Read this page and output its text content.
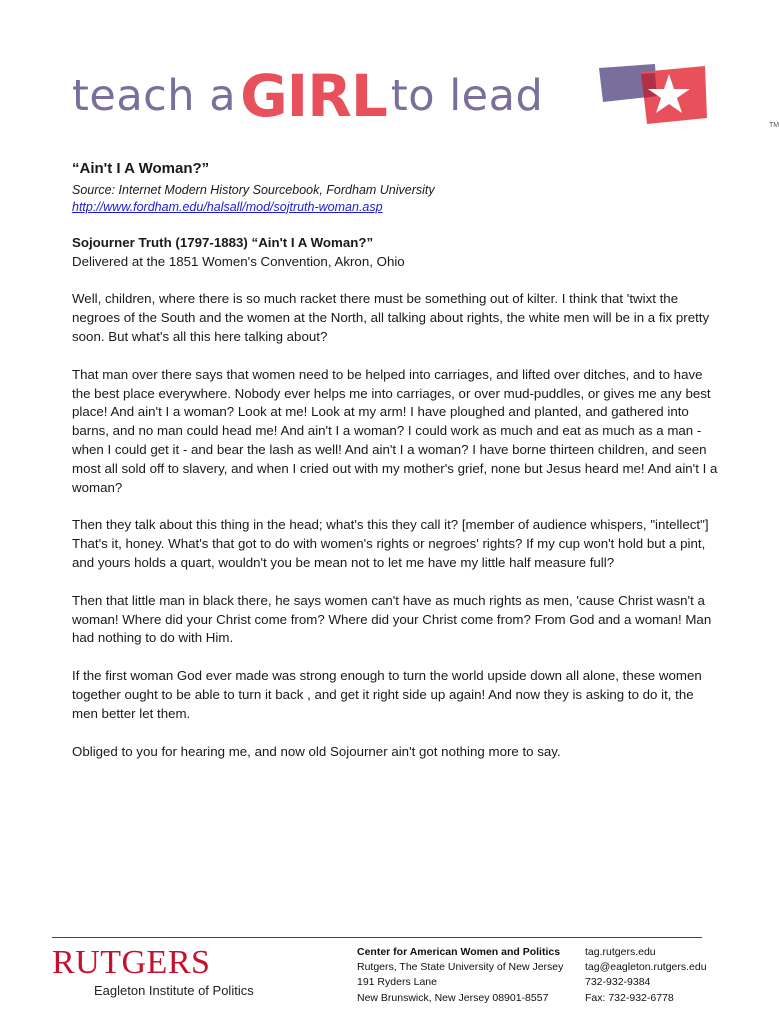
teach aGIRLto lead
TM

“Ain't I A Woman?”

Source: Internet Modern History Sourcebook, Fordham University

http://www.fordham.edu/halsall/mod/sojtruth-woman.asp

Sojourner Truth (1797-1883) “Ain't I A Woman?”

Delivered at the 1851 Women's Convention, Akron, Ohio

Well, children, where there is so much racket there must be something out of kilter. I think that 'twixt the negroes of the South and the women at the North, all talking about rights, the white men will be in a fix pretty soon. But what's all this here talking about?

That man over there says that women need to be helped into carriages, and lifted over ditches, and to have the best place everywhere. Nobody ever helps me into carriages, or over mud-puddles, or gives me any best place! And ain't I a woman? Look at me! Look at my arm! I have ploughed and planted, and gathered into barns, and no man could head me! And ain't I a woman? I could work as much and eat as much as a man - when I could get it - and bear the lash as well! And ain't I a woman? I have borne thirteen children, and seen most all sold off to slavery, and when I cried out with my mother's grief, none but Jesus heard me! And ain't I a woman?

Then they talk about this thing in the head; what's this they call it? [member of audience whispers, "intellect"] That's it, honey. What's that got to do with women's rights or negroes' rights? If my cup won't hold but a pint, and yours holds a quart, wouldn't you be mean not to let me have my little half measure full?

Then that little man in black there, he says women can't have as much rights as men, 'cause Christ wasn't a woman! Where did your Christ come from? Where did your Christ come from? From God and a woman! Man had nothing to do with Him.

If the first woman God ever made was strong enough to turn the world upside down all alone, these women together ought to be able to turn it back , and get it right side up again! And now they is asking to do it, the men better let them.

Obliged to you for hearing me, and now old Sojourner ain't got nothing more to say.

RUTGERS
Eagleton Institute of Politics
Center for American Women and Politics
Rutgers, The State University of New Jersey
191 Ryders Lane
New Brunswick, New Jersey 08901-8557
tag.rutgers.edu
tag@eagleton.rutgers.edu
732-932-9384
Fax: 732-932-6778
